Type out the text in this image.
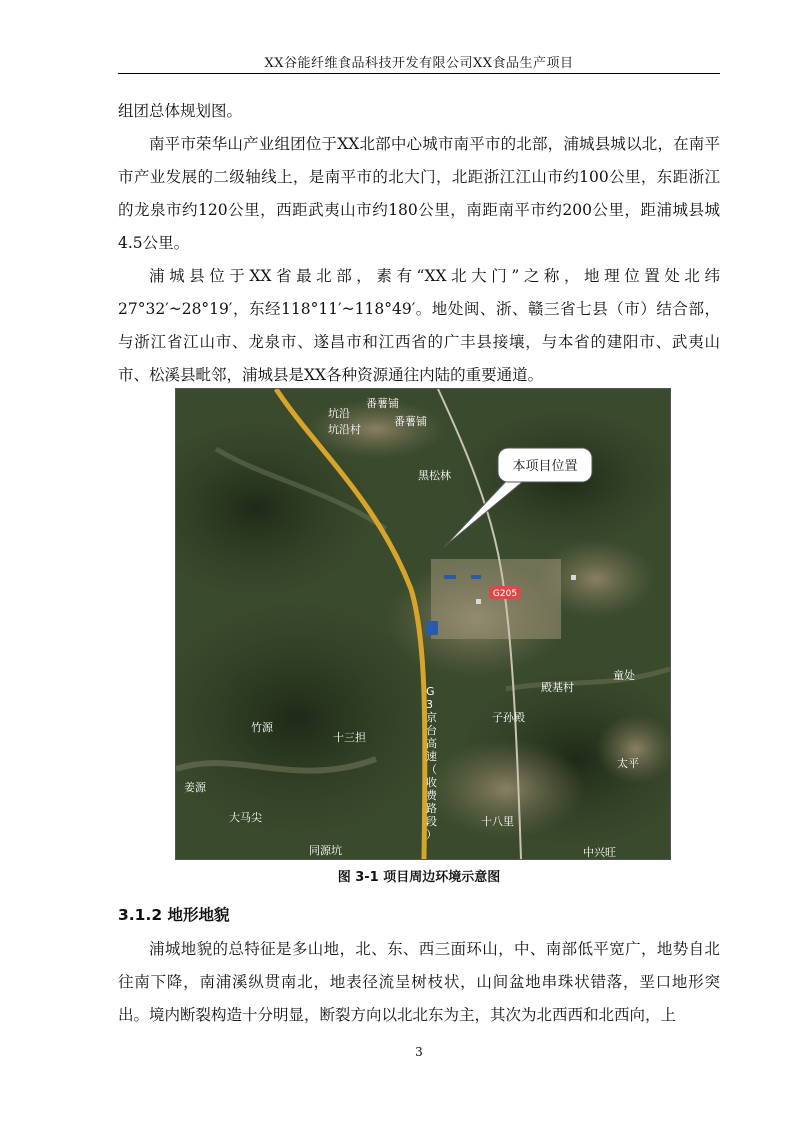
XX谷能纤维食品科技开发有限公司XX食品生产项目

组团总体规划图。

南平市荣华山产业组团位于XX北部中心城市南平市的北部，浦城县城以北，在南平市产业发展的二级轴线上，是南平市的北大门，北距浙江江山市约100公里，东距浙江的龙泉市约120公里，西距武夷山市约180公里，南距南平市约200公里，距浦城县城4.5公里。

浦城县位于XX省最北部，素有“XX北大门”之称，地理位置处北纬27°32′~28°19′，东经118°11′~118°49′。地处闽、浙、赣三省七县（市）结合部，与浙江省江山市、龙泉市、遂昌市和江西省的广丰县接壤，与本省的建阳市、武夷山市、松溪县毗邻，浦城县是XX各种资源通往内陆的重要通道。

本项目位置
G205
坑沿
坑沿村
番薯铺
番薯铺
黑松林
童处
殿基村
子孙殿
竹源
十三担
太平
姜源
大马尖	十八里
同源坑	中兴旺
G
3
京
台
高
速
（
收
费
路
段
）
图 3-1 项目周边环境示意图
3.1.2 地形地貌

浦城地貌的总特征是多山地，北、东、西三面环山，中、南部低平宽广，地势自北往南下降，南浦溪纵贯南北，地表径流呈树枝状，山间盆地串珠状错落，垩口地形突出。境内断裂构造十分明显，断裂方向以北北东为主，其次为北西西和北西向，上

3
